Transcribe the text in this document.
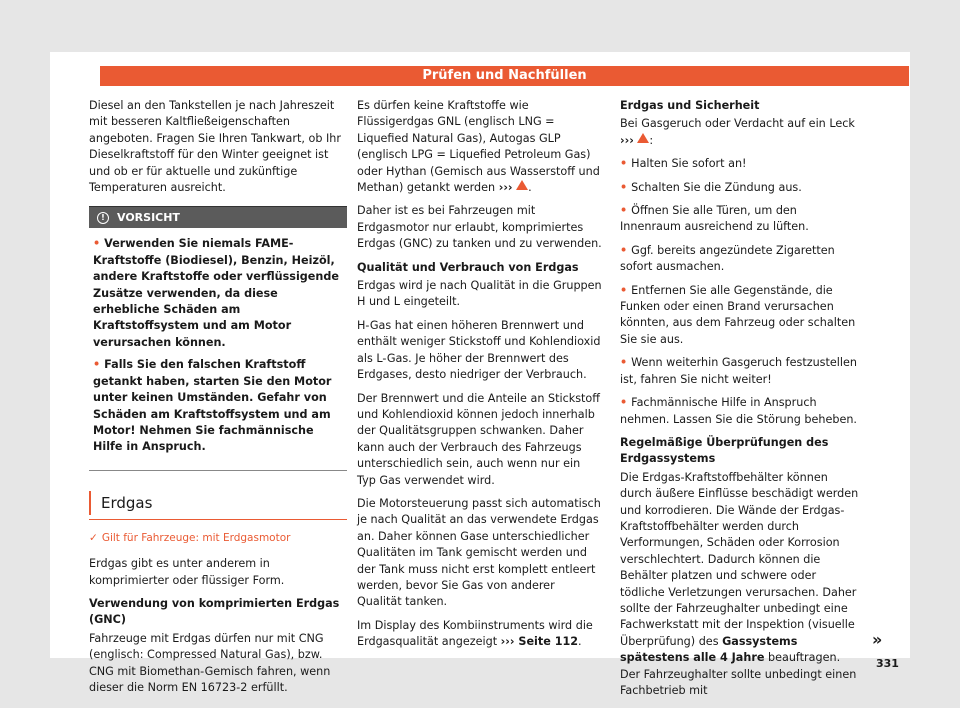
Prüfen und Nachfüllen

Diesel an den Tankstellen je nach Jahreszeit mit besseren Kaltfließeigenschaften angeboten. Fragen Sie Ihren Tankwart, ob Ihr Dieselkraftstoff für den Winter geeignet ist und ob er für aktuelle und zukünftige Temperaturen ausreicht.

! VORSICHT

• Verwenden Sie niemals FAME-Kraftstoffe (Biodiesel), Benzin, Heizöl, andere Kraftstoffe oder verflüssigende Zusätze verwenden, da diese erhebliche Schäden am Kraftstoffsystem und am Motor verursachen können.

• Falls Sie den falschen Kraftstoff getankt haben, starten Sie den Motor unter keinen Umständen. Gefahr von Schäden am Kraftstoffsystem und am Motor! Nehmen Sie fachmännische Hilfe in Anspruch.

Erdgas
✓ Gilt für Fahrzeuge: mit Erdgasmotor

Erdgas gibt es unter anderem in komprimierter oder flüssiger Form.

Verwendung von komprimierten Erdgas (GNC)

Fahrzeuge mit Erdgas dürfen nur mit CNG (englisch: Compressed Natural Gas), bzw. CNG mit Biomethan-Gemisch fahren, wenn dieser die Norm EN 16723-2 erfüllt.

Es dürfen keine Kraftstoffe wie Flüssigerdgas GNL (englisch LNG = Liquefied Natural Gas), Autogas GLP (englisch LPG = Liquefied Petroleum Gas) oder Hythan (Gemisch aus Wasserstoff und Methan) getankt werden ››› .

Daher ist es bei Fahrzeugen mit Erdgasmotor nur erlaubt, komprimiertes Erdgas (GNC) zu tanken und zu verwenden.

Qualität und Verbrauch von Erdgas

Erdgas wird je nach Qualität in die Gruppen H und L eingeteilt.

H-Gas hat einen höheren Brennwert und enthält weniger Stickstoff und Kohlendioxid als L-Gas. Je höher der Brennwert des Erdgases, desto niedriger der Verbrauch.

Der Brennwert und die Anteile an Stickstoff und Kohlendioxid können jedoch innerhalb der Qualitätsgruppen schwanken. Daher kann auch der Verbrauch des Fahrzeugs unterschiedlich sein, auch wenn nur ein Typ Gas verwendet wird.

Die Motorsteuerung passt sich automatisch je nach Qualität an das verwendete Erdgas an. Daher können Gase unterschiedlicher Qualitäten im Tank gemischt werden und der Tank muss nicht erst komplett entleert werden, bevor Sie Gas von anderer Qualität tanken.

Im Display des Kombiinstruments wird die Erdgasqualität angezeigt ››› Seite 112.

Erdgas und Sicherheit

Bei Gasgeruch oder Verdacht auf ein Leck
››› :

• Halten Sie sofort an!

• Schalten Sie die Zündung aus.

• Öffnen Sie alle Türen, um den Innenraum ausreichend zu lüften.

• Ggf. bereits angezündete Zigaretten sofort ausmachen.

• Entfernen Sie alle Gegenstände, die Funken oder einen Brand verursachen könnten, aus dem Fahrzeug oder schalten Sie sie aus.

• Wenn weiterhin Gasgeruch festzustellen ist, fahren Sie nicht weiter!

• Fachmännische Hilfe in Anspruch nehmen. Lassen Sie die Störung beheben.

Regelmäßige Überprüfungen des Erdgassystems

Die Erdgas-Kraftstoffbehälter können durch äußere Einflüsse beschädigt werden und korrodieren. Die Wände der Erdgas-Kraftstoffbehälter werden durch Verformungen, Schäden oder Korrosion verschlechtert. Dadurch können die Behälter platzen und schwere oder tödliche Verletzungen verursachen. Daher sollte der Fahrzeughalter unbedingt eine Fachwerkstatt mit der Inspektion (visuelle Überprüfung) des Gassystems spätestens alle 4 Jahre beauftragen. Der Fahrzeughalter sollte unbedingt einen Fachbetrieb mit

»
331
